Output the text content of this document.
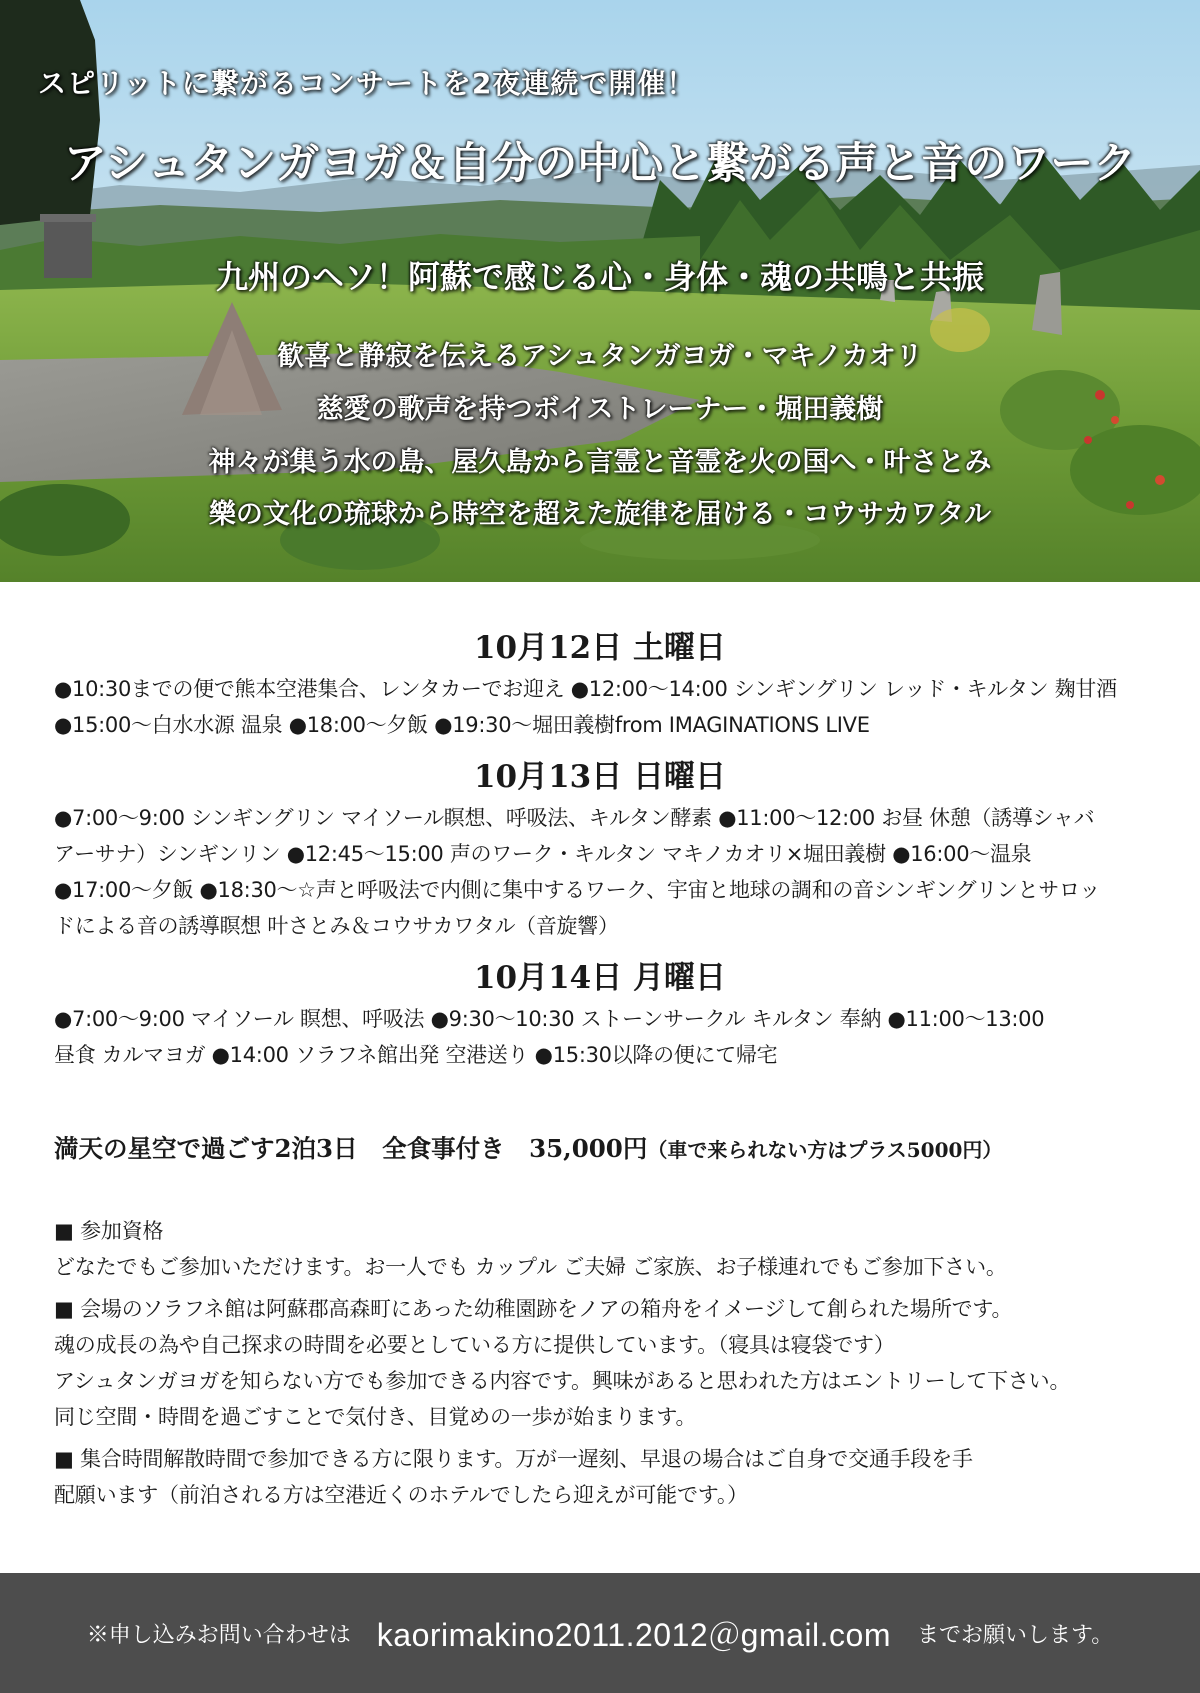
スピリットに繋がるコンサートを2夜連続で開催！
アシュタンガヨガ＆自分の中心と繋がる声と音のワーク
九州のヘソ！阿蘇で感じる心・身体・魂の共鳴と共振
歓喜と静寂を伝えるアシュタンガヨガ・マキノカオリ
慈愛の歌声を持つボイストレーナー・堀田義樹
神々が集う水の島、屋久島から言霊と音霊を火の国へ・叶さとみ
樂の文化の琉球から時空を超えた旋律を届ける・コウサカワタル
10月12日 土曜日
●10:30までの便で熊本空港集合、レンタカーでお迎え ●12:00～14:00 シンギングリン レッド・キルタン 麹甘酒
●15:00～白水水源 温泉 ●18:00～夕飯 ●19:30～堀田義樹from IMAGINATIONS LIVE
10月13日 日曜日
●7:00～9:00 シンギングリン マイソール瞑想、呼吸法、キルタン酵素 ●11:00～12:00 お昼 休憩（誘導シャバ
アーサナ）シンギンリン ●12:45～15:00 声のワーク・キルタン マキノカオリ×堀田義樹 ●16:00～温泉
●17:00～夕飯 ●18:30～☆声と呼吸法で内側に集中するワーク、宇宙と地球の調和の音シンギングリンとサロッ
ドによる音の誘導瞑想 叶さとみ＆コウサカワタル（音旋響）
10月14日 月曜日
●7:00～9:00 マイソール 瞑想、呼吸法 ●9:30～10:30 ストーンサークル キルタン 奉納 ●11:00～13:00
昼食 カルマヨガ ●14:00 ソラフネ館出発 空港送り ●15:30以降の便にて帰宅
満天の星空で過ごす2泊3日　全食事付き　35,000円（車で来られない方はプラス5000円）
■ 参加資格
どなたでもご参加いただけます。お一人でも カップル ご夫婦 ご家族、お子様連れでもご参加下さい。
■ 会場のソラフネ館は阿蘇郡高森町にあった幼稚園跡をノアの箱舟をイメージして創られた場所です。
魂の成長の為や自己探求の時間を必要としている方に提供しています。（寝具は寝袋です）
アシュタンガヨガを知らない方でも参加できる内容です。興味があると思われた方はエントリーして下さい。
同じ空間・時間を過ごすことで気付き、目覚めの一歩が始まります。
■ 集合時間解散時間で参加できる方に限ります。万が一遅刻、早退の場合はご自身で交通手段を手
配願います（前泊される方は空港近くのホテルでしたら迎えが可能です。）
※申し込みお問い合わせは kaorimakino2011.2012＠gmail.com までお願いします。
